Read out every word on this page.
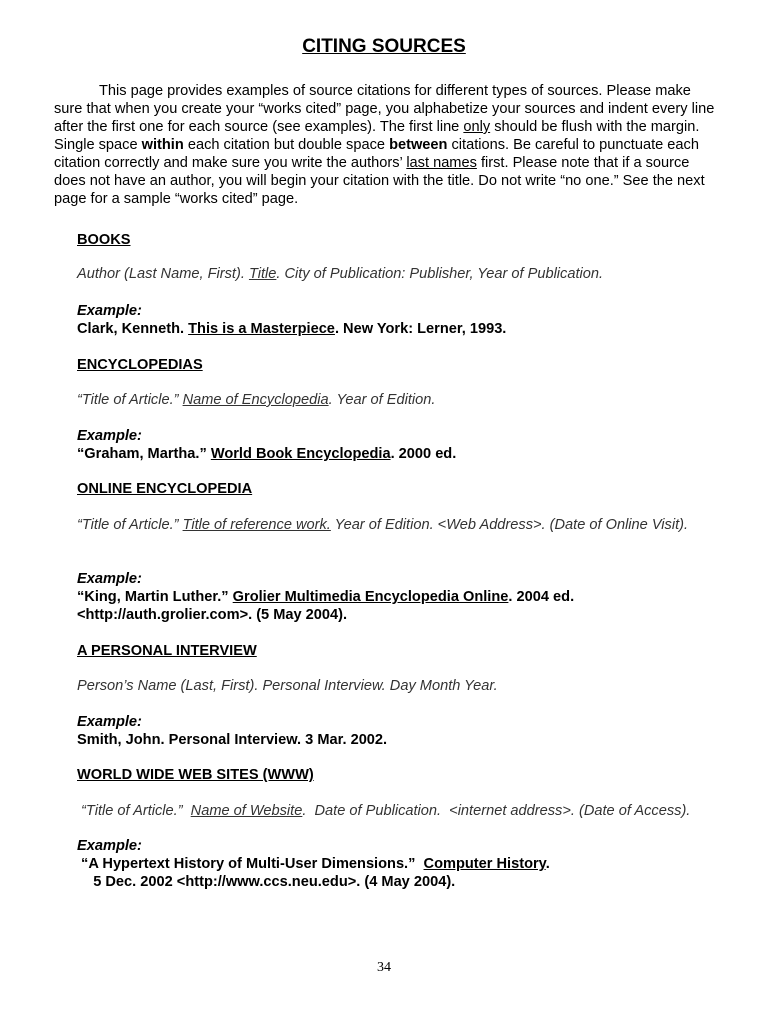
CITING SOURCES
This page provides examples of source citations for different types of sources. Please make sure that when you create your “works cited” page, you alphabetize your sources and indent every line after the first one for each source (see examples). The first line only should be flush with the margin. Single space within each citation but double space between citations. Be careful to punctuate each citation correctly and make sure you write the authors’ last names first. Please note that if a source does not have an author, you will begin your citation with the title. Do not write “no one.” See the next page for a sample “works cited” page.
BOOKS
Author (Last Name, First). Title. City of Publication: Publisher, Year of Publication.
Example:
Clark, Kenneth. This is a Masterpiece. New York: Lerner, 1993.
ENCYCLOPEDIAS
“Title of Article.” Name of Encyclopedia. Year of Edition.
Example:
“Graham, Martha.” World Book Encyclopedia. 2000 ed.
ONLINE ENCYCLOPEDIA
“Title of Article.” Title of reference work. Year of Edition. <Web Address>. (Date of Online Visit).
Example:
“King, Martin Luther.” Grolier Multimedia Encyclopedia Online. 2004 ed.
<http://auth.grolier.com>. (5 May 2004).
A PERSONAL INTERVIEW
Person’s Name (Last, First). Personal Interview. Day Month Year.
Example:
Smith, John. Personal Interview. 3 Mar. 2002.
WORLD WIDE WEB SITES (WWW)
“Title of Article.”  Name of Website.  Date of Publication.  <internet address>. (Date of Access).
Example:
“A Hypertext History of Multi-User Dimensions.”  Computer History.
5 Dec. 2002 <http://www.ccs.neu.edu>. (4 May 2004).
34
